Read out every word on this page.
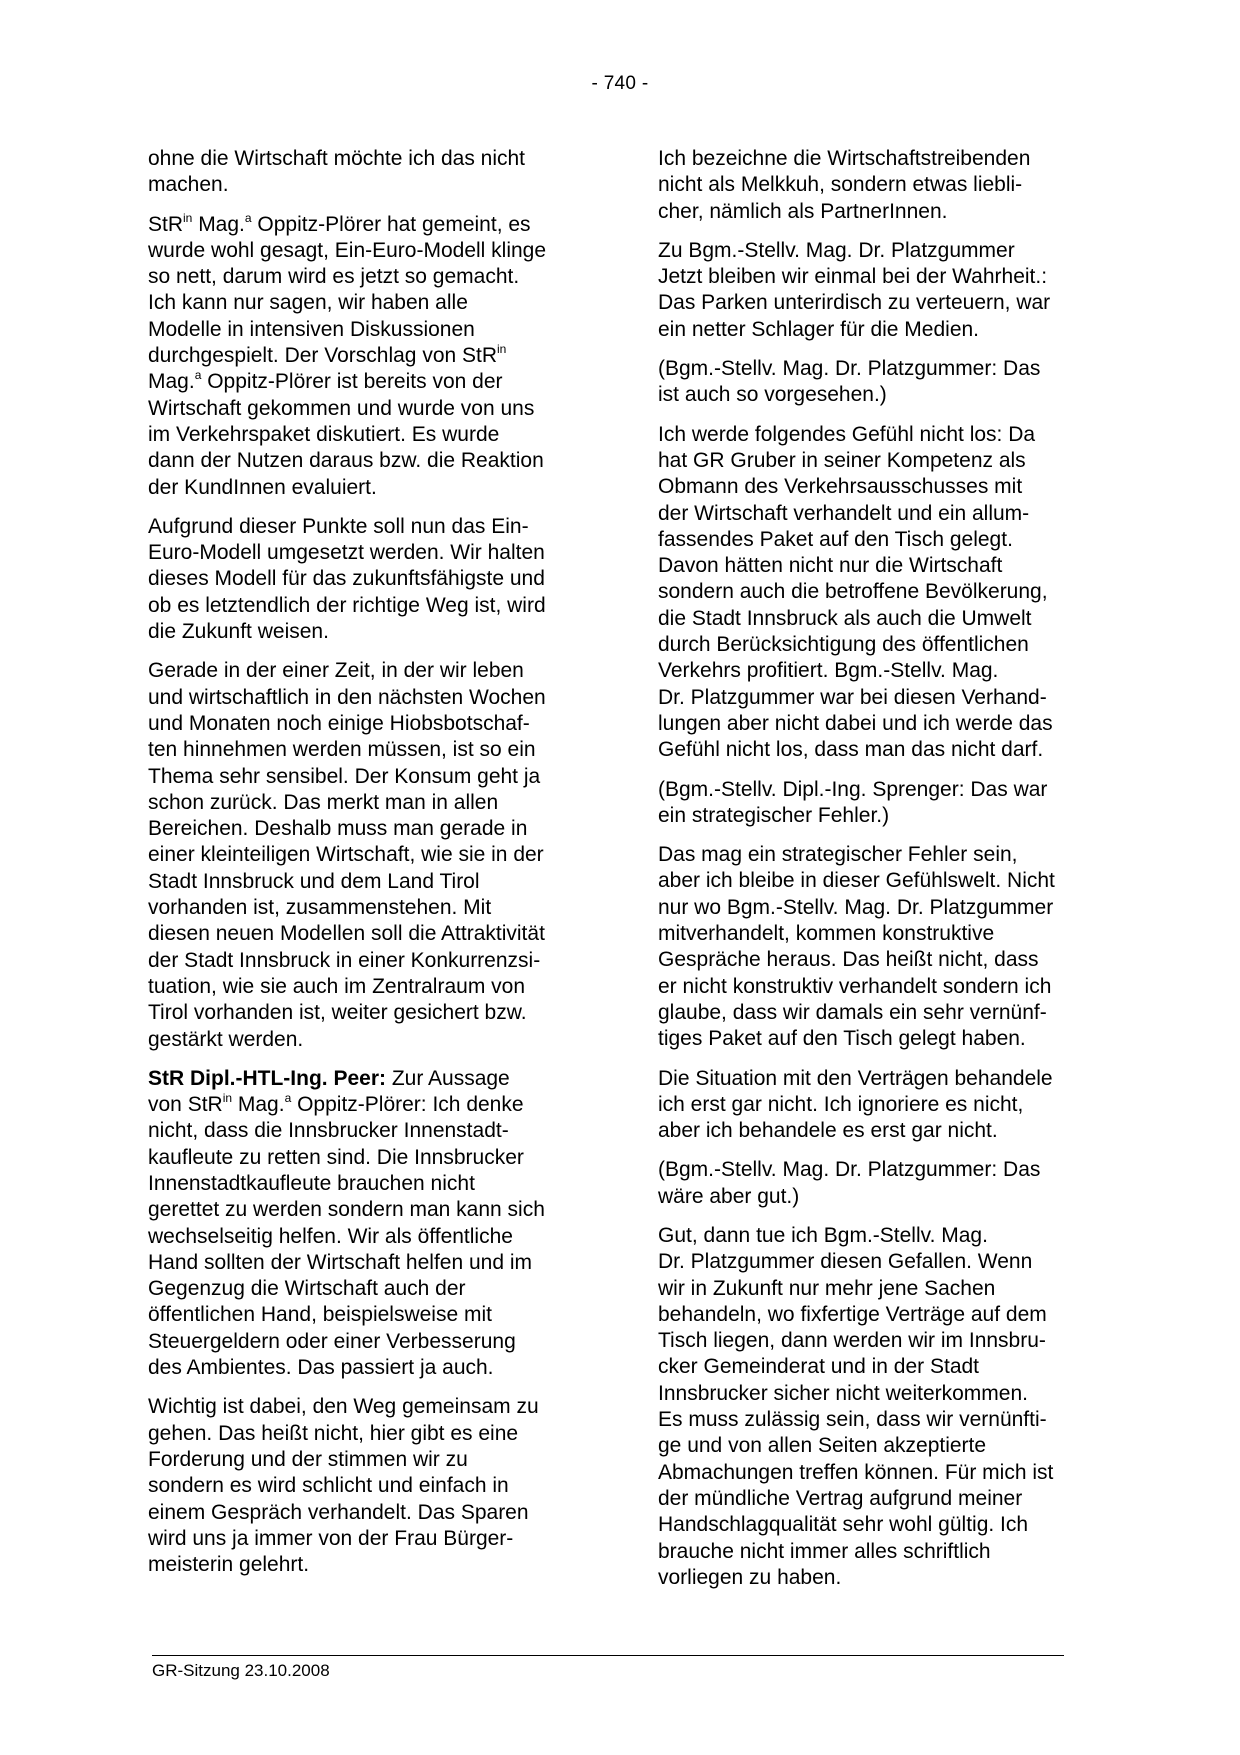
- 740 -

ohne die Wirtschaft möchte ich das nicht
machen.

StR$^{in}$ Mag.$^a$ Oppitz-Plörer hat gemeint, es
wurde wohl gesagt, Ein-Euro-Modell klinge
so nett, darum wird es jetzt so gemacht.
Ich kann nur sagen, wir haben alle
Modelle in intensiven Diskussionen
durchgespielt. Der Vorschlag von StR$^{in}$
Mag.$^a$ Oppitz-Plörer ist bereits von der
Wirtschaft gekommen und wurde von uns
im Verkehrspaket diskutiert. Es wurde
dann der Nutzen daraus bzw. die Reaktion
der KundInnen evaluiert.

Aufgrund dieser Punkte soll nun das Ein-
Euro-Modell umgesetzt werden. Wir halten
dieses Modell für das zukunftsfähigste und
ob es letztendlich der richtige Weg ist, wird
die Zukunft weisen.

Gerade in der einer Zeit, in der wir leben
und wirtschaftlich in den nächsten Wochen
und Monaten noch einige Hiobsbotschaf-
ten hinnehmen werden müssen, ist so ein
Thema sehr sensibel. Der Konsum geht ja
schon zurück. Das merkt man in allen
Bereichen. Deshalb muss man gerade in
einer kleinteiligen Wirtschaft, wie sie in der
Stadt Innsbruck und dem Land Tirol
vorhanden ist, zusammenstehen. Mit
diesen neuen Modellen soll die Attraktivität
der Stadt Innsbruck in einer Konkurrenzsi-
tuation, wie sie auch im Zentralraum von
Tirol vorhanden ist, weiter gesichert bzw.
gestärkt werden.

StR Dipl.-HTL-Ing. Peer: Zur Aussage
von StR$^{in}$ Mag.$^a$ Oppitz-Plörer: Ich denke
nicht, dass die Innsbrucker Innenstadt-
kaufleute zu retten sind. Die Innsbrucker
Innenstadtkaufleute brauchen nicht
gerettet zu werden sondern man kann sich
wechselseitig helfen. Wir als öffentliche
Hand sollten der Wirtschaft helfen und im
Gegenzug die Wirtschaft auch der
öffentlichen Hand, beispielsweise mit
Steuergeldern oder einer Verbesserung
des Ambientes. Das passiert ja auch.

Wichtig ist dabei, den Weg gemeinsam zu
gehen. Das heißt nicht, hier gibt es eine
Forderung und der stimmen wir zu
sondern es wird schlicht und einfach in
einem Gespräch verhandelt. Das Sparen
wird uns ja immer von der Frau Bürger-
meisterin gelehrt.

Ich bezeichne die Wirtschaftstreibenden
nicht als Melkkuh, sondern etwas liebli-
cher, nämlich als PartnerInnen.

Zu Bgm.-Stellv. Mag. Dr. Platzgummer
Jetzt bleiben wir einmal bei der Wahrheit.:
Das Parken unterirdisch zu verteuern, war
ein netter Schlager für die Medien.

(Bgm.-Stellv. Mag. Dr. Platzgummer: Das
ist auch so vorgesehen.)

Ich werde folgendes Gefühl nicht los: Da
hat GR Gruber in seiner Kompetenz als
Obmann des Verkehrsausschusses mit
der Wirtschaft verhandelt und ein allum-
fassendes Paket auf den Tisch gelegt.
Davon hätten nicht nur die Wirtschaft
sondern auch die betroffene Bevölkerung,
die Stadt Innsbruck als auch die Umwelt
durch Berücksichtigung des öffentlichen
Verkehrs profitiert. Bgm.-Stellv. Mag.
Dr. Platzgummer war bei diesen Verhand-
lungen aber nicht dabei und ich werde das
Gefühl nicht los, dass man das nicht darf.

(Bgm.-Stellv. Dipl.-Ing. Sprenger: Das war
ein strategischer Fehler.)

Das mag ein strategischer Fehler sein,
aber ich bleibe in dieser Gefühlswelt. Nicht
nur wo Bgm.-Stellv. Mag. Dr. Platzgummer
mitverhandelt, kommen konstruktive
Gespräche heraus. Das heißt nicht, dass
er nicht konstruktiv verhandelt sondern ich
glaube, dass wir damals ein sehr vernünf-
tiges Paket auf den Tisch gelegt haben.

Die Situation mit den Verträgen behandele
ich erst gar nicht. Ich ignoriere es nicht,
aber ich behandele es erst gar nicht.

(Bgm.-Stellv. Mag. Dr. Platzgummer: Das
wäre aber gut.)

Gut, dann tue ich Bgm.-Stellv. Mag.
Dr. Platzgummer diesen Gefallen. Wenn
wir in Zukunft nur mehr jene Sachen
behandeln, wo fixfertige Verträge auf dem
Tisch liegen, dann werden wir im Innsbru-
cker Gemeinderat und in der Stadt
Innsbrucker sicher nicht weiterkommen.
Es muss zulässig sein, dass wir vernünfti-
ge und von allen Seiten akzeptierte
Abmachungen treffen können. Für mich ist
der mündliche Vertrag aufgrund meiner
Handschlagqualität sehr wohl gültig. Ich
brauche nicht immer alles schriftlich
vorliegen zu haben.

GR-Sitzung 23.10.2008
